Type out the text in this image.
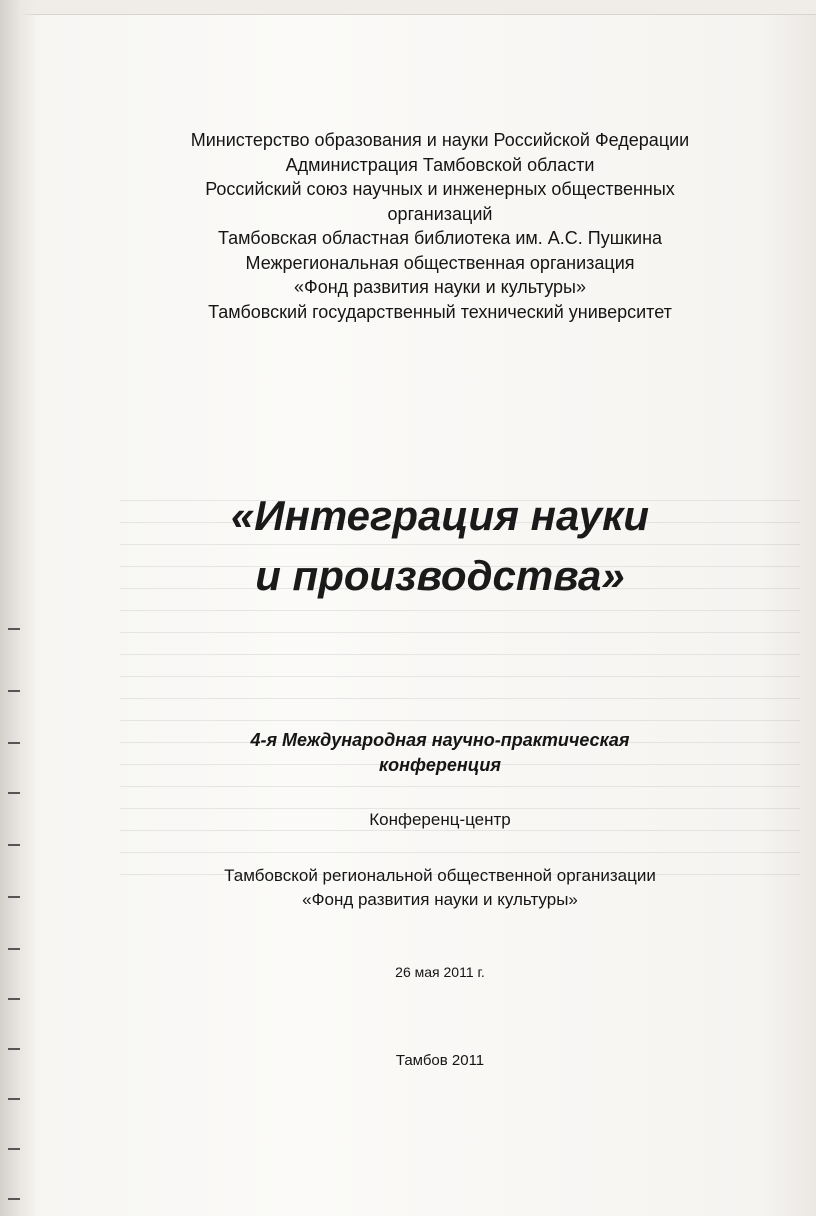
Министерство образования и науки Российской Федерации
Администрация Тамбовской области
Российский союз научных и инженерных общественных
организаций
Тамбовская областная библиотека им. А.С. Пушкина
Межрегиональная общественная организация
«Фонд развития науки и культуры»
Тамбовский государственный технический университет
«Интеграция науки
и производства»
4-я Международная научно-практическая
конференция
Конференц-центр
Тамбовской региональной общественной организации
«Фонд развития науки и культуры»
26 мая 2011 г.
Тамбов 2011
